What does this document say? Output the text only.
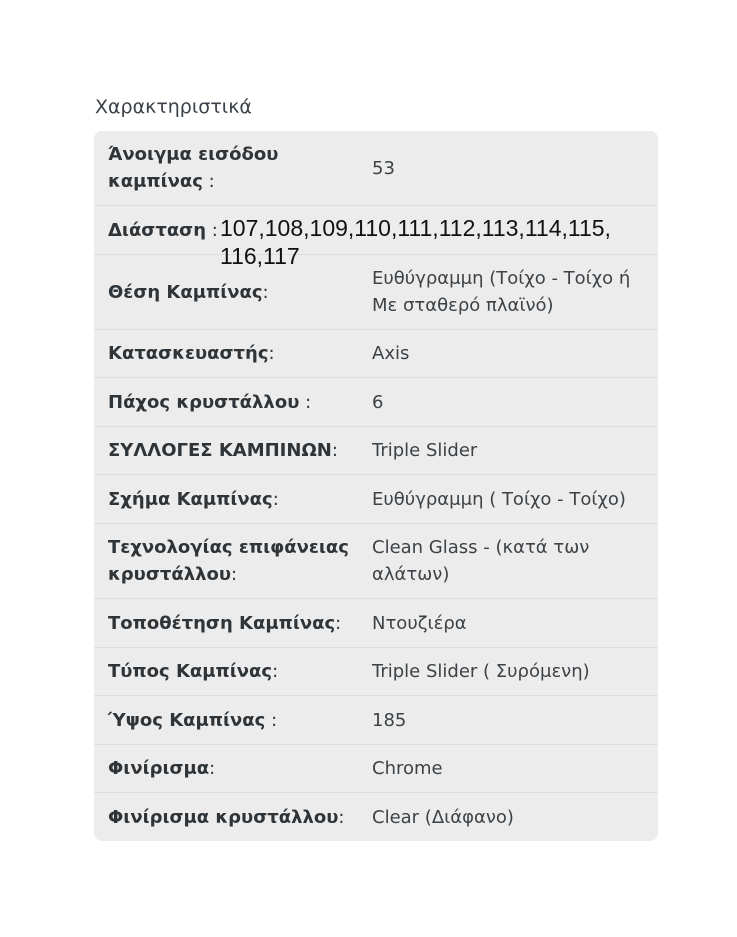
Χαρακτηριστικά
Άνοιγμα εισόδου καμπίνας :
53
Διάσταση : 107,108,109,110,111,112,113,114,115, 116,117
Θέση Καμπίνας:
Ευθύγραμμη (Τοίχο - Τοίχο ή Με σταθερό πλαϊνό)
Κατασκευαστής:	Axis
Πάχος κρυστάλλου :	6
ΣΥΛΛΟΓΕΣ ΚΑΜΠΙΝΩΝ:	Triple Slider
Σχήμα Καμπίνας:	Ευθύγραμμη ( Τοίχο - Τοίχο)
Τεχνολογίας επιφάνειας κρυστάλλου:
Clean Glass - (κατά των αλάτων)
Τοποθέτηση Καμπίνας:	Ντουζιέρα
Τύπος Καμπίνας:	Triple Slider ( Συρόμενη)
Ύψος Καμπίνας :	185
Φινίρισμα:	Chrome
Φινίρισμα κρυστάλλου:	Clear (Διάφανο)
